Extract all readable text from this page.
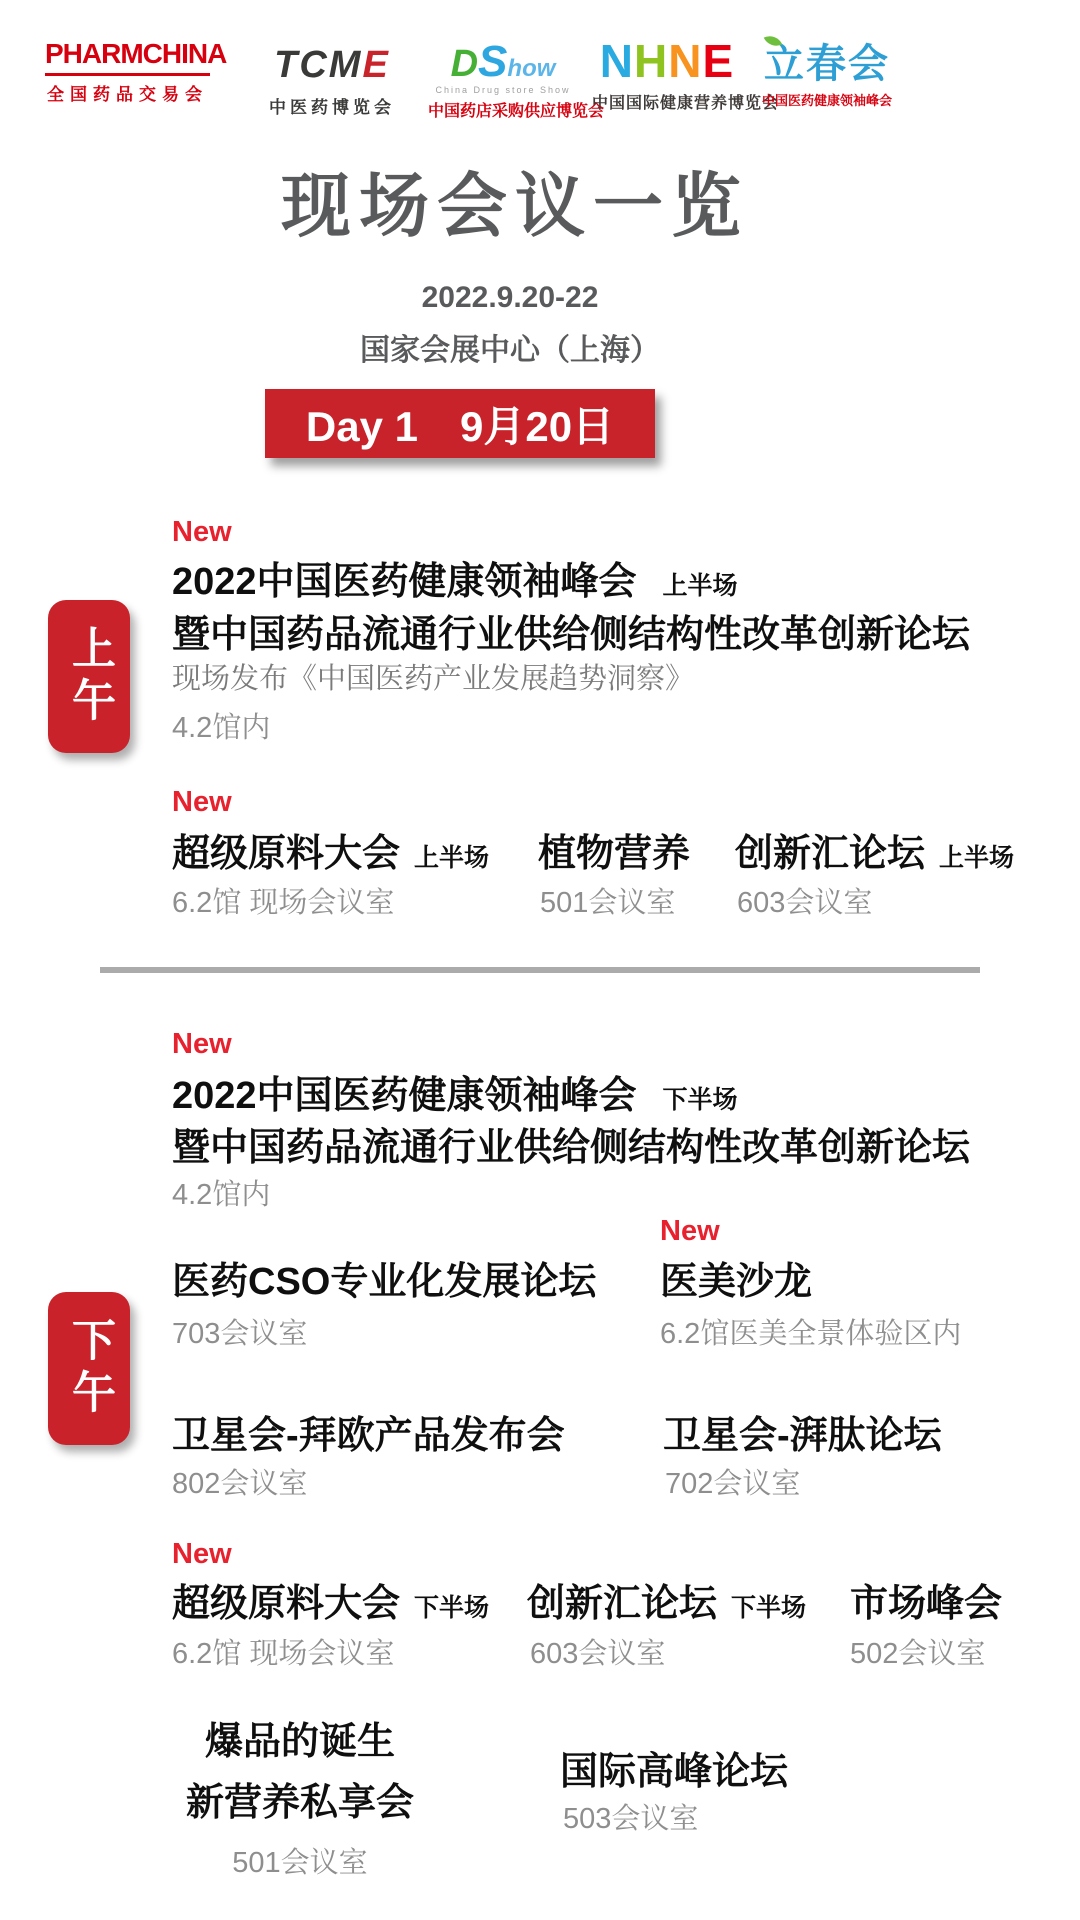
PHARMCHINA
全国药品交易会
TCME
中医药博览会
DShow
China Drug store Show
中国药店采购供应博览会
NHNE
中国国际健康营养博览会
立春会
中国医药健康领袖峰会
现场会议一览
2022.9.20-22
国家会展中心（上海）
Day 1　9月20日
上午
New
2022中国医药健康领袖峰会 上半场
暨中国药品流通行业供给侧结构性改革创新论坛
现场发布《中国医药产业发展趋势洞察》
4.2馆内
New
超级原料大会 上半场
6.2馆 现场会议室
植物营养
501会议室
创新汇论坛 上半场
603会议室
下午
New
2022中国医药健康领袖峰会 下半场
暨中国药品流通行业供给侧结构性改革创新论坛
4.2馆内
医药CSO专业化发展论坛
703会议室
New
医美沙龙
6.2馆医美全景体验区内
卫星会-拜欧产品发布会
802会议室
卫星会-湃肽论坛
702会议室
New
超级原料大会 下半场
6.2馆 现场会议室
创新汇论坛 下半场
603会议室
市场峰会
502会议室
爆品的诞生
新营养私享会
501会议室
国际高峰论坛
503会议室
